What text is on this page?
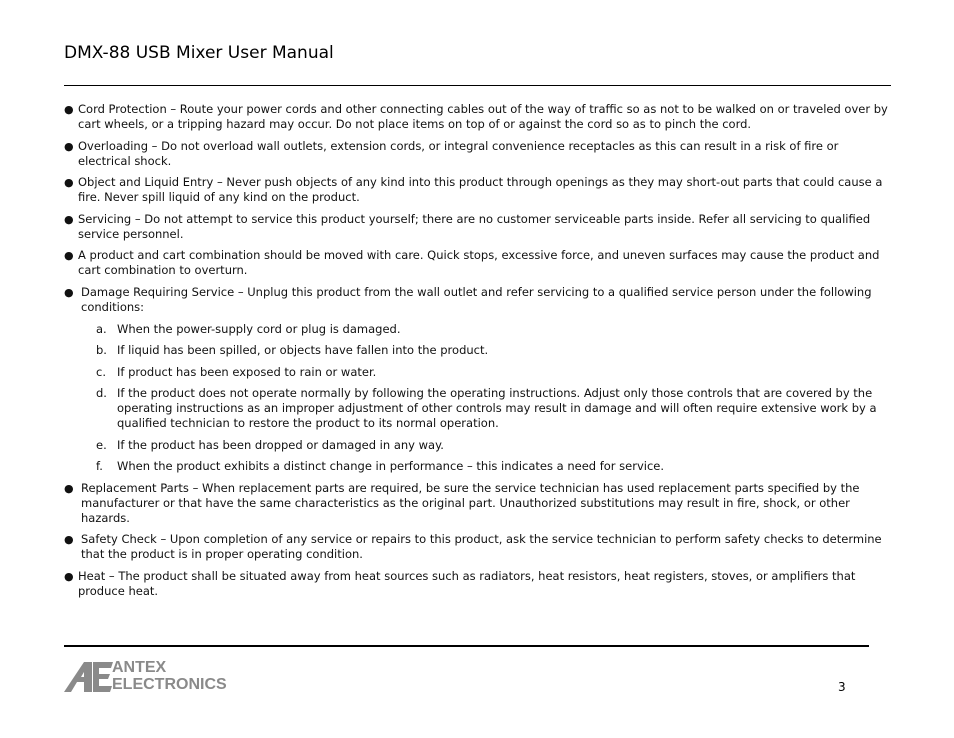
DMX-88 USB Mixer User Manual
● Cord Protection – Route your power cords and other connecting cables out of the way of traffic so as not to be walked on or traveled over by cart wheels, or a tripping hazard may occur. Do not place items on top of or against the cord so as to pinch the cord.
● Overloading – Do not overload wall outlets, extension cords, or integral convenience receptacles as this can result in a risk of fire or electrical shock.
● Object and Liquid Entry – Never push objects of any kind into this product through openings as they may short-out parts that could cause a fire. Never spill liquid of any kind on the product.
● Servicing – Do not attempt to service this product yourself; there are no customer serviceable parts inside. Refer all servicing to qualified service personnel.
● A product and cart combination should be moved with care. Quick stops, excessive force, and uneven surfaces may cause the product and cart combination to overturn.
● Damage Requiring Service – Unplug this product from the wall outlet and refer servicing to a qualified service person under the following conditions:
a. When the power-supply cord or plug is damaged.
b. If liquid has been spilled, or objects have fallen into the product.
c. If product has been exposed to rain or water.
d. If the product does not operate normally by following the operating instructions. Adjust only those controls that are covered by the operating instructions as an improper adjustment of other controls may result in damage and will often require extensive work by a qualified technician to restore the product to its normal operation.
e. If the product has been dropped or damaged in any way.
f. When the product exhibits a distinct change in performance – this indicates a need for service.
● Replacement Parts – When replacement parts are required, be sure the service technician has used replacement parts specified by the manufacturer or that have the same characteristics as the original part. Unauthorized substitutions may result in fire, shock, or other hazards.
● Safety Check – Upon completion of any service or repairs to this product, ask the service technician to perform safety checks to determine that the product is in proper operating condition.
● Heat – The product shall be situated away from heat sources such as radiators, heat resistors, heat registers, stoves, or amplifiers that produce heat.
ANTEX
ELECTRONICS	3
